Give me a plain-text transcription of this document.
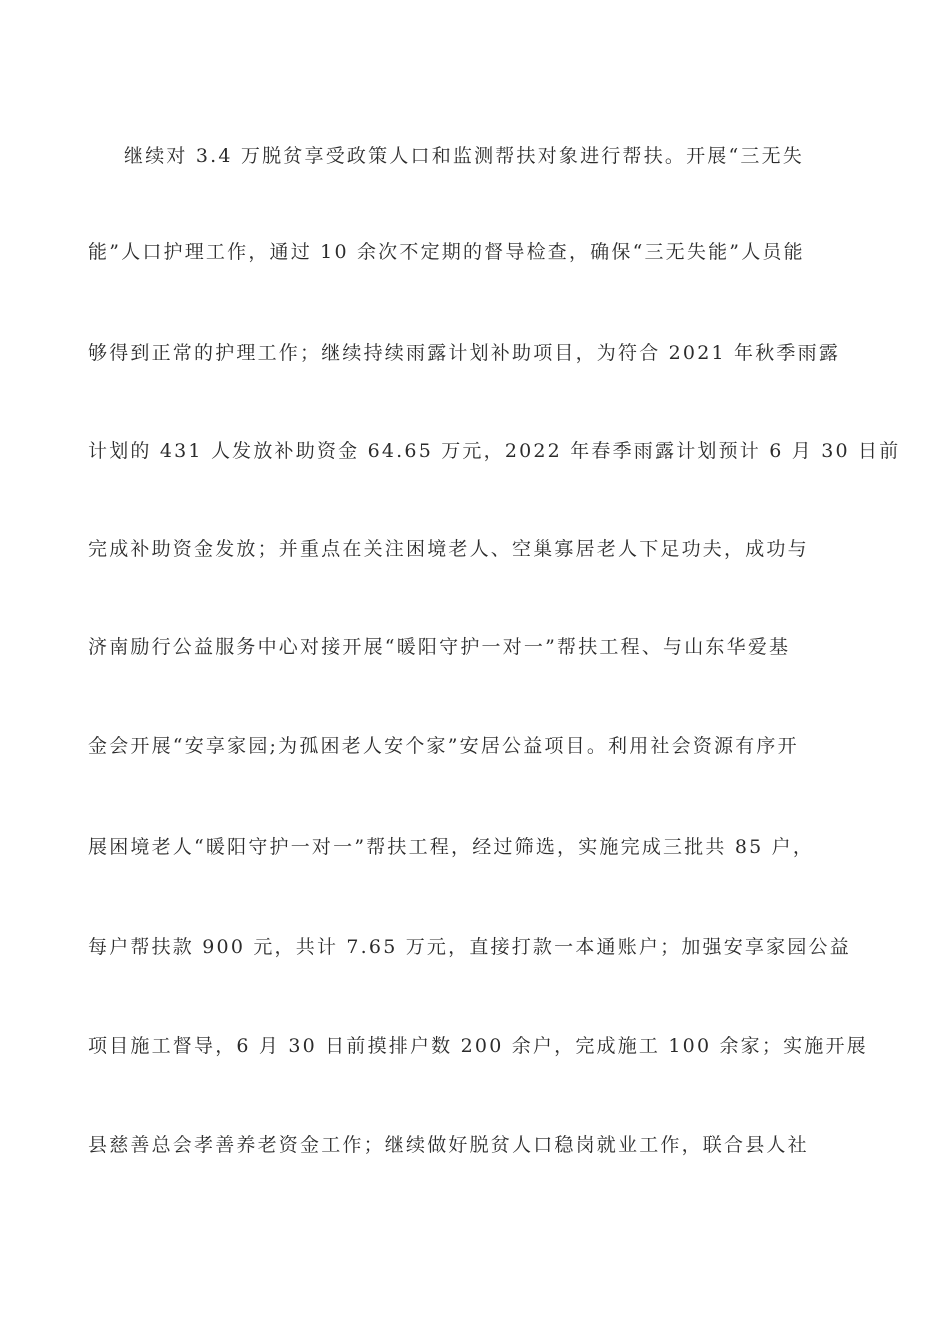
继续对 3.4 万脱贫享受政策人口和监测帮扶对象进行帮扶。开展“三无失
能”人口护理工作，通过 10 余次不定期的督导检查，确保“三无失能”人员能
够得到正常的护理工作；继续持续雨露计划补助项目，为符合 2021 年秋季雨露
计划的 431 人发放补助资金 64.65 万元，2022 年春季雨露计划预计 6 月 30 日前
完成补助资金发放；并重点在关注困境老人、空巢寡居老人下足功夫，成功与
济南励行公益服务中心对接开展“暖阳守护一对一”帮扶工程、与山东华爱基
金会开展“安享家园;为孤困老人安个家”安居公益项目。利用社会资源有序开
展困境老人“暖阳守护一对一”帮扶工程，经过筛选，实施完成三批共 85 户，
每户帮扶款 900 元，共计 7.65 万元，直接打款一本通账户；加强安享家园公益
项目施工督导，6 月 30 日前摸排户数 200 余户，完成施工 100 余家；实施开展
县慈善总会孝善养老资金工作；继续做好脱贫人口稳岗就业工作，联合县人社
